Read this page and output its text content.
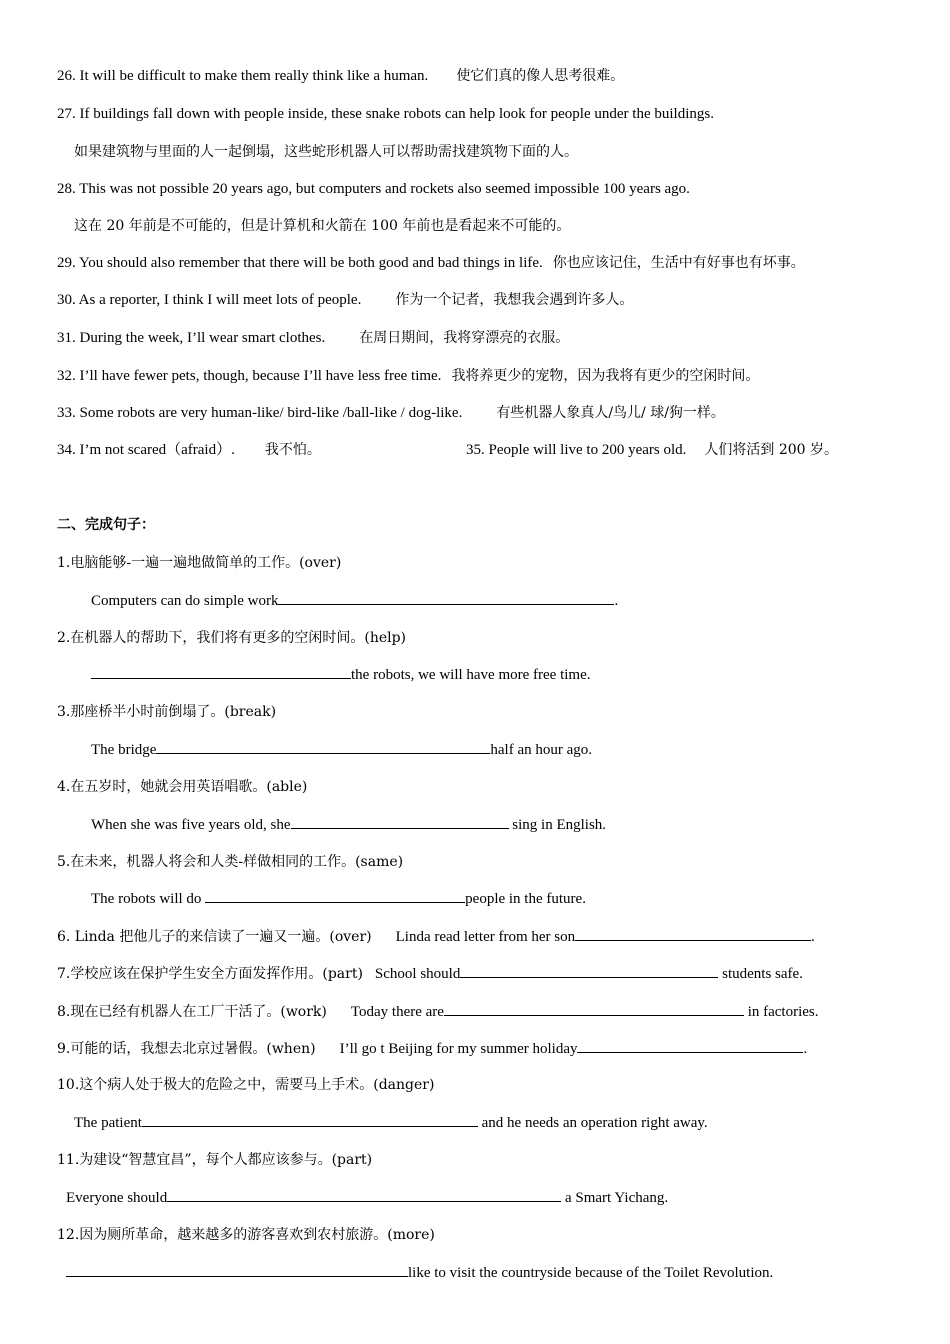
26. It will be difficult to make them really think like a human. 使它们真的像人思考很难。
27. If buildings fall down with people inside, these snake robots can help look for people under the buildings.
如果建筑物与里面的人一起倒塌，这些蛇形机器人可以帮助需找建筑物下面的人。
28. This was not possible 20 years ago, but computers and rockets also seemed impossible 100 years ago.
这在 20 年前是不可能的，但是计算机和火箭在 100 年前也是看起来不可能的。
29. You should also remember that there will be both good and bad things in life. 你也应该记住，生活中有好事也有坏事。
30. As a reporter, I think I will meet lots of people. 作为一个记者，我想我会遇到许多人。
31. During the week, I’ll wear smart clothes. 在周日期间，我将穿漂亮的衣服。
32. I’ll have fewer pets, though, because I’ll have less free time. 我将养更少的宠物，因为我将有更少的空闲时间。
33. Some robots are very human-like/ bird-like /ball-like / dog-like. 有些机器人象真人/鸟儿/ 球/狗一样。
34. I’m not scared（afraid）. 我不怕。	35. People will live to 200 years old. 人们将活到 200 岁。
二、完成句子：
1.电脑能够-一遍一遍地做简单的工作。(over)
Computers can do simple work	.
2.在机器人的帮助下，我们将有更多的空闲时间。(help)
the robots, we will have more free time.
3.那座桥半小时前倒塌了。(break)
The bridge	half an hour ago.
4.在五岁时，她就会用英语唱歌。(able)
When she was five years old, she	sing in English.
5.在未来，机器人将会和人类-样做相同的工作。(same)
The robots will do	people in the future.
6. Linda 把他儿子的来信读了一遍又一遍。(over) Linda read letter from her son	.
7.学校应该在保护学生安全方面发挥作用。(part) School should	students safe.
8.现在已经有机器人在工厂干活了。(work) Today there are	in factories.
9.可能的话，我想去北京过暑假。(when) I’ll go t Beijing for my summer holiday	.
10.这个病人处于极大的危险之中，需要马上手术。(danger)
The patient	and he needs an operation right away.
11.为建设“智慧宜昌”，每个人都应该参与。(part)
Everyone should	a Smart Yichang.
12.因为厕所革命，越来越多的游客喜欢到农村旅游。(more)
like to visit the countryside because of the Toilet Revolution.
